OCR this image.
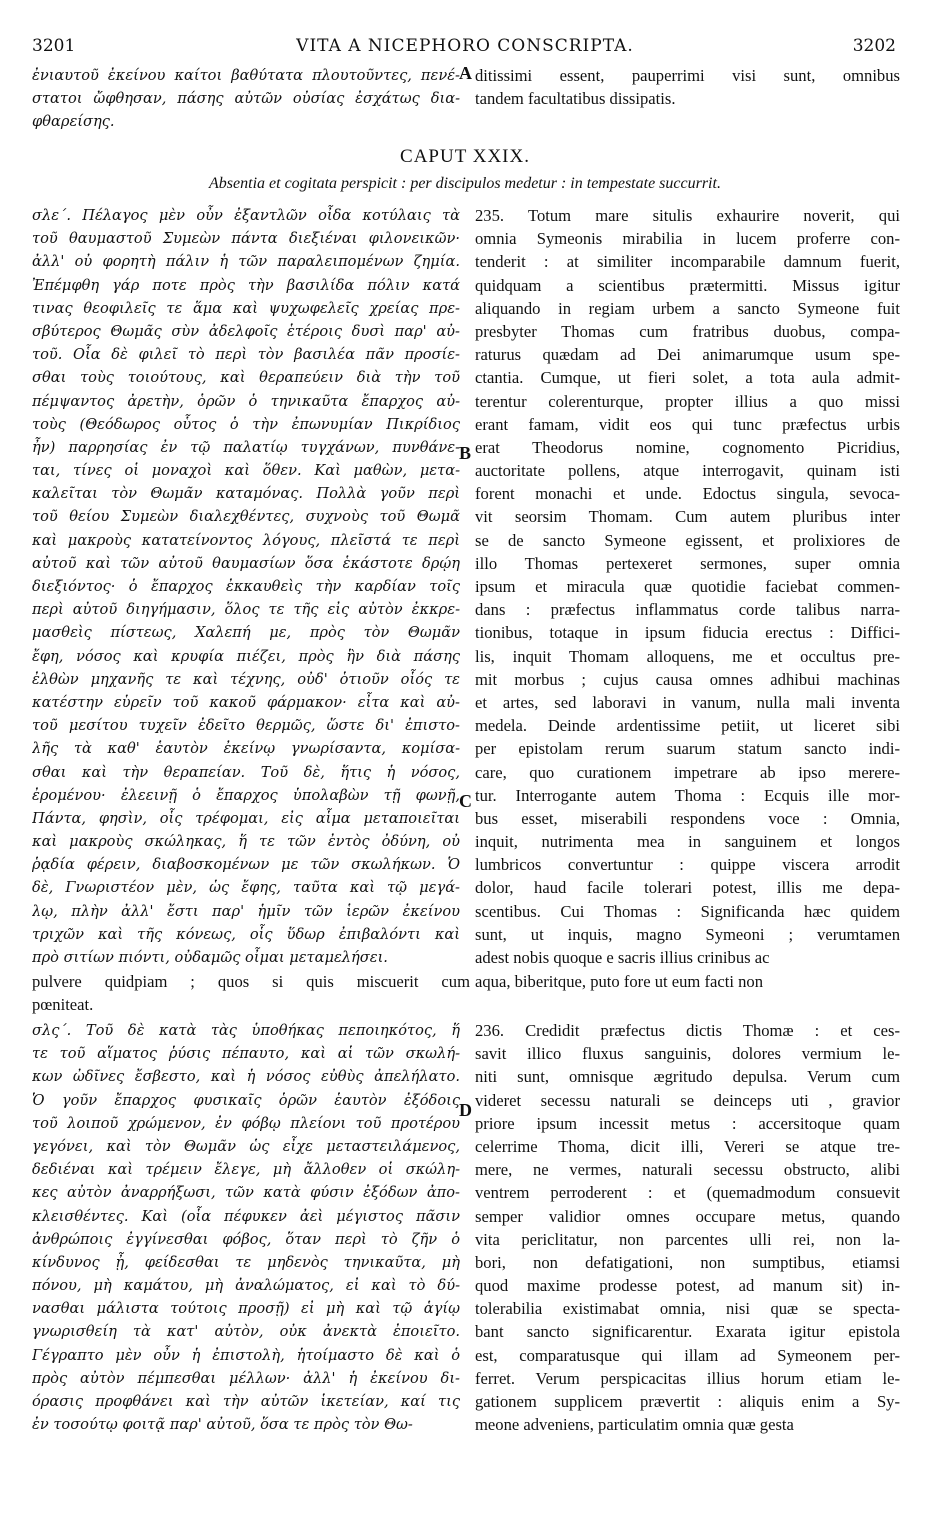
3201	VITA A NICEPHORO CONSCRIPTA.	3202
ἐνιαυτοῦ ἐκείνου καίτοι βαθύτατα πλουτοῦντες, πενέ-
στατοι ὤφθησαν, πάσης αὐτῶν οὐσίας ἐσχάτως δια-
φθαρείσης.
ditissimi essent, pauperrimi visi sunt, omnibus
tandem facultatibus dissipatis.
A
CAPUT XXIX.
Absentia et cogitata perspicit : per discipulos medetur : in tempestate succurrit.
σλε΄. Πέλαγος μὲν οὖν ἐξαντλῶν οἶδα κοτύλαις τὰ
τοῦ θαυμαστοῦ Συμεὼν πάντα διεξιέναι φιλονεικῶν·
ἀλλ' οὐ φορητὴ πάλιν ἡ τῶν παραλειπομένων ζημία.
Ἐπέμφθη γάρ ποτε πρὸς τὴν βασιλίδα πόλιν κατά
τινας θεοφιλεῖς τε ἅμα καὶ ψυχωφελεῖς χρείας πρε-
σβύτερος Θωμᾶς σὺν ἀδελφοῖς ἑτέροις δυσὶ παρ' αὐ-
τοῦ. Οἷα δὲ φιλεῖ τὸ περὶ τὸν βασιλέα πᾶν προσίε-
σθαι τοὺς τοιούτους, καὶ θεραπεύειν διὰ τὴν τοῦ
πέμψαντος ἀρετὴν, ὁρῶν ὁ τηνικαῦτα ἔπαρχος αὐ-
τοὺς (Θεόδωρος οὗτος ὁ τὴν ἐπωνυμίαν Πικρίδιος
ἦν) παρρησίας ἐν τῷ παλατίῳ τυγχάνων, πυνθάνε-
ται, τίνες οἱ μοναχοὶ καὶ ὅθεν. Καὶ μαθὼν, μετα-
καλεῖται τὸν Θωμᾶν καταμόνας. Πολλὰ γοῦν περὶ
τοῦ θείου Συμεὼν διαλεχθέντες, συχνοὺς τοῦ Θωμᾶ
καὶ μακροὺς κατατείνοντος λόγους, πλεῖστά τε περὶ
αὐτοῦ καὶ τῶν αὐτοῦ θαυμασίων ὅσα ἑκάστοτε δρῴη
διεξιόντος· ὁ ἔπαρχος ἐκκαυθεὶς τὴν καρδίαν τοῖς
περὶ αὐτοῦ διηγήμασιν, ὅλος τε τῆς εἰς αὐτὸν ἐκκρε-
μασθεὶς πίστεως, Χαλεπή με, πρὸς τὸν Θωμᾶν
ἔφη, νόσος καὶ κρυφία πιέζει, πρὸς ἣν διὰ πάσης
ἐλθὼν μηχανῆς τε καὶ τέχνης, οὐδ' ὁτιοῦν οἷός τε
κατέστην εὑρεῖν τοῦ κακοῦ φάρμακον· εἶτα καὶ αὐ-
τοῦ μεσίτου τυχεῖν ἐδεῖτο θερμῶς, ὥστε δι' ἐπιστο-
λῆς τὰ καθ' ἑαυτὸν ἐκείνῳ γνωρίσαντα, κομίσα-
σθαι καὶ τὴν θεραπείαν. Τοῦ δὲ, ἥτις ἡ νόσος,
ἐρομένου· ἐλεεινῇ ὁ ἔπαρχος ὑπολαβὼν τῇ φωνῇ,
Πάντα, φησὶν, οἷς τρέφομαι, εἰς αἷμα μεταποιεῖται
καὶ μακροὺς σκώληκας, ἥ τε τῶν ἐντὸς ὀδύνη, οὐ
ῥᾳδία φέρειν, διαβοσκομένων με τῶν σκωλήκων. Ὁ
δὲ, Γνωριστέον μὲν, ὡς ἔφης, ταῦτα καὶ τῷ μεγά-
λῳ, πλὴν ἀλλ' ἔστι παρ' ἡμῖν τῶν ἱερῶν ἐκείνου
τριχῶν καὶ τῆς κόνεως, οἷς ὕδωρ ἐπιβαλόντι καὶ
πρὸ σιτίων πιόντι, οὐδαμῶς οἶμαι μεταμελήσει.
235. Totum mare situlis exhaurire noverit, qui
omnia Symeonis mirabilia in lucem proferre con-
tenderit : at similiter incomparabile damnum fuerit,
quidquam a scientibus prætermitti. Missus igitur
aliquando in regiam urbem a sancto Symeone fuit
presbyter Thomas cum fratribus duobus, compa-
raturus quædam ad Dei animarumque usum spe-
ctantia. Cumque, ut fieri solet, a tota aula admit-
terentur colerenturque, propter illius a quo missi
erant famam, vidit eos qui tunc præfectus urbis
erat Theodorus nomine, cognomento Picridius,
auctoritate pollens, atque interrogavit, quinam isti
forent monachi et unde. Edoctus singula, sevoca-
vit seorsim Thomam. Cum autem pluribus inter
se de sancto Symeone egissent, et prolixiores de
illo Thomas pertexeret sermones, super omnia
ipsum et miracula quæ quotidie faciebat commen-
dans : præfectus inflammatus corde talibus narra-
tionibus, totaque in ipsum fiducia erectus : Diffici-
lis, inquit Thomam alloquens, me et occultus pre-
mit morbus ; cujus causa omnes adhibui machinas
et artes, sed laboravi in vanum, nulla mali inventa
medela. Deinde ardentissime petiit, ut liceret sibi
per epistolam rerum suarum statum sancto indi-
care, quo curationem impetrare ab ipso merere-
tur. Interrogante autem Thoma : Ecquis ille mor-
bus esset, miserabili respondens voce : Omnia,
inquit, nutrimenta mea in sanguinem et longos
lumbricos convertuntur : quippe viscera arrodit
dolor, haud facile tolerari potest, illis me depa-
scentibus. Cui Thomas : Significanda hæc quidem
sunt, ut inquis, magno Symeoni ; verumtamen
adest nobis quoque e sacris illius crinibus ac
B
C
pulvere quidpiam ; quos si quis miscuerit cum
pœniteat.
aqua, biberitque, puto fore ut eum facti non
σλς΄. Τοῦ δὲ κατὰ τὰς ὑποθήκας πεποιηκότος, ἥ
τε τοῦ αἵματος ῥύσις πέπαυτο, καὶ αἱ τῶν σκωλή-
κων ὠδῖνες ἔσβεστο, καὶ ἡ νόσος εὐθὺς ἀπελήλατο.
Ὁ γοῦν ἔπαρχος φυσικαῖς ὁρῶν ἑαυτὸν ἐξόδοις
τοῦ λοιποῦ χρώμενον, ἐν φόβῳ πλείονι τοῦ προτέρου
γεγόνει, καὶ τὸν Θωμᾶν ὡς εἶχε μεταστειλάμενος,
δεδιέναι καὶ τρέμειν ἔλεγε, μὴ ἄλλοθεν οἱ σκώλη-
κες αὐτὸν ἀναρρήξωσι, τῶν κατὰ φύσιν ἐξόδων ἀπο-
κλεισθέντες. Καὶ (οἷα πέφυκεν ἀεὶ μέγιστος πᾶσιν
ἀνθρώποις ἐγγίνεσθαι φόβος, ὅταν περὶ τὸ ζῆν ὁ
κίνδυνος ᾖ, φείδεσθαι τε μηδενὸς τηνικαῦτα, μὴ
πόνου, μὴ καμάτου, μὴ ἀναλώματος, εἰ καὶ τὸ δύ-
νασθαι μάλιστα τούτοις προσῇ) εἰ μὴ καὶ τῷ ἁγίῳ
γνωρισθείη τὰ κατ' αὐτὸν, οὐκ ἀνεκτὰ ἐποιεῖτο.
Γέγραπτο μὲν οὖν ἡ ἐπιστολὴ, ἡτοίμαστο δὲ καὶ ὁ
πρὸς αὐτὸν πέμπεσθαι μέλλων· ἀλλ' ἡ ἐκείνου δι-
όρασις προφθάνει καὶ τὴν αὐτῶν ἱκετείαν, καί τις
ἐν τοσούτῳ φοιτᾷ παρ' αὐτοῦ, ὅσα τε πρὸς τὸν Θω-
236. Credidit præfectus dictis Thomæ : et ces-
savit illico fluxus sanguinis, dolores vermium le-
niti sunt, omnisque ægritudo depulsa. Verum cum
videret secessu naturali se deinceps uti , gravior
priore ipsum incessit metus : accersitoque quam
celerrime Thoma, dicit illi, Vereri se atque tre-
mere, ne vermes, naturali secessu obstructo, alibi
ventrem perroderent : et (quemadmodum consuevit
semper validior omnes occupare metus, quando
vita periclitatur, non parcentes ulli rei, non la-
bori, non defatigationi, non sumptibus, etiamsi
quod maxime prodesse potest, ad manum sit) in-
tolerabilia existimabat omnia, nisi quæ se specta-
bant sancto significarentur. Exarata igitur epistola
est, comparatusque qui illam ad Symeonem per-
ferret. Verum perspicacitas illius horum etiam le-
gationem supplicem prævertit : aliquis enim a Sy-
meone adveniens, particulatim omnia quæ gesta
D
